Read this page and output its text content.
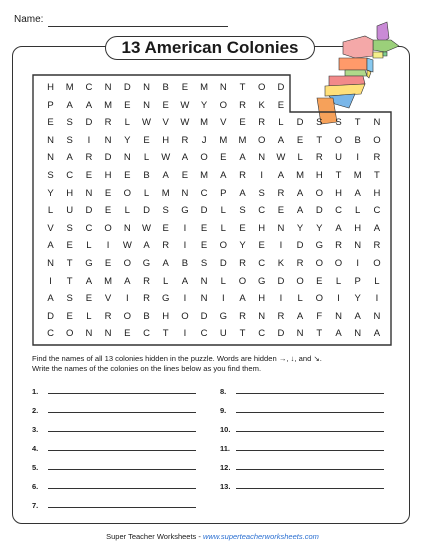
Name:
13 American Colonies
H	M	C	N	D	N	B	E	M	N	T	O	D
P	A	A	M	E	N	E	W	Y	O	R	K	E
E	S	D	R	L	W	V	W	M	V	E	R	L	D	S	S	T	N
N	S	I	N	Y	E	H	R	J	M	M	O	A	E	T	O	B	O
N	A	R	D	N	L	W	A	O	E	A	N	W	L	R	U	I	R
S	C	E	H	E	B	A	E	M	A	R	I	A	M	H	T	M	T
Y	H	N	E	O	L	M	N	C	P	A	S	R	A	O	H	A	H
L	U	D	E	L	D	S	G	D	L	S	C	E	A	D	C	L	C
V	S	C	O	N	W	E	I	E	L	E	H	N	Y	Y	A	H	A
A	E	L	I	W	A	R	I	E	O	Y	E	I	D	G	R	N	R
N	T	G	E	O	G	A	B	S	D	R	C	K	R	O	O	I	O
I	T	A	M	A	R	L	A	N	L	O	G	D	O	E	L	P	L
A	S	E	V	I	R	G	I	N	I	A	H	I	L	O	I	Y	I
D	E	L	R	O	B	H	O	D	G	R	N	R	A	F	N	A	N
C	O	N	N	E	C	T	I	C	U	T	C	D	N	T	A	N	A
Find the names of all 13 colonies hidden in the puzzle. Words are hidden →, ↓, and ↘.
Write the names of the colonies on the lines below as you find them.
1.
2.
3.
4.
5.
6.
7.
8.
9.
10.
11.
12.
13.
Super Teacher Worksheets - www.superteacherworksheets.com
